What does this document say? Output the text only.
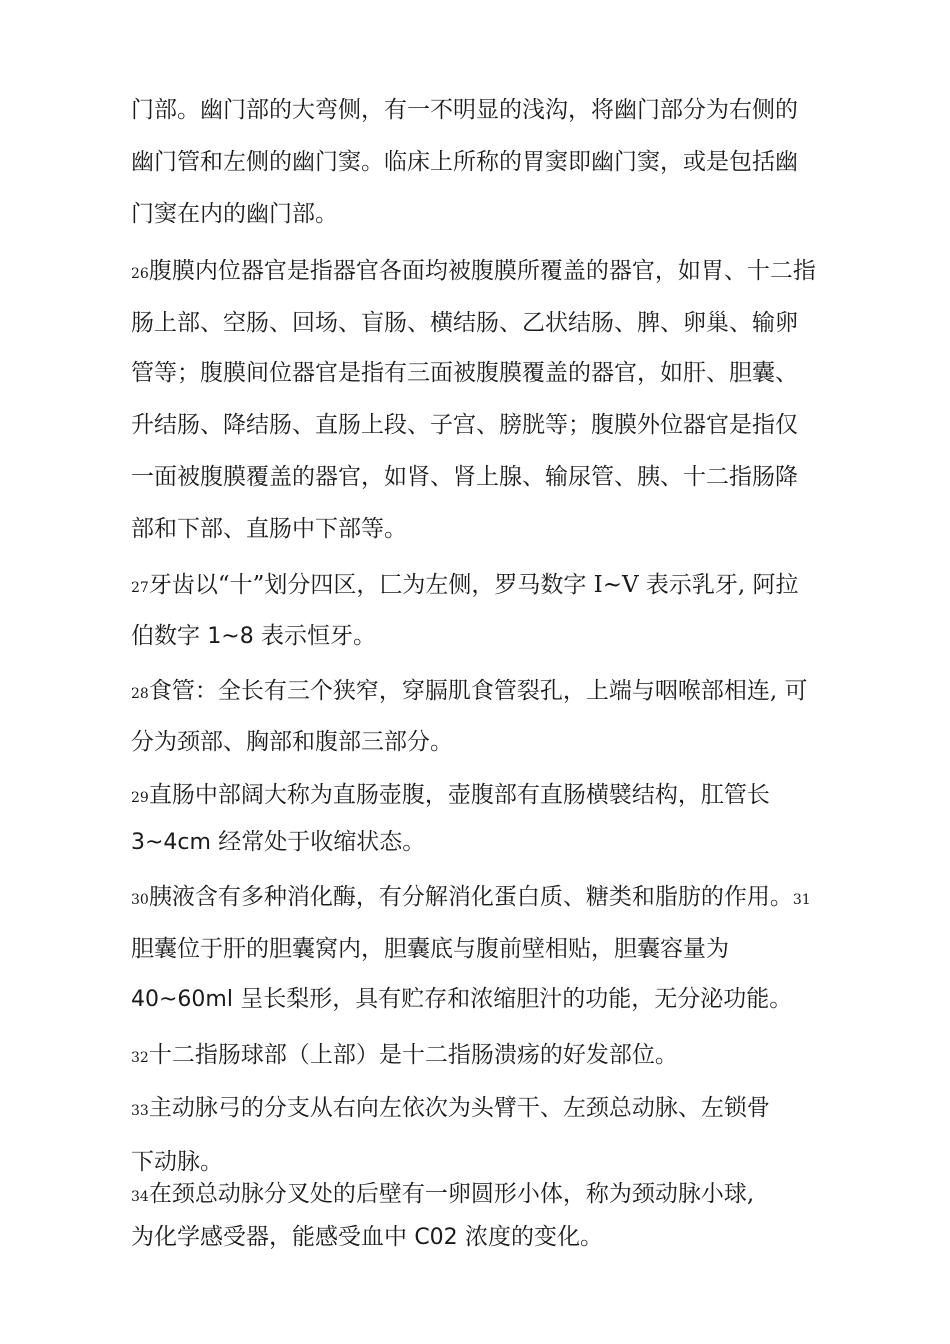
门部。幽门部的大弯侧，有一不明显的浅沟，将幽门部分为右侧的
幽门管和左侧的幽门窦。临床上所称的胃窦即幽门窦，或是包括幽
门窦在内的幽门部。
26腹膜内位器官是指器官各面均被腹膜所覆盖的器官，如胃、十二指
肠上部、空肠、回场、盲肠、横结肠、乙状结肠、脾、卵巢、输卵
管等；腹膜间位器官是指有三面被腹膜覆盖的器官，如肝、胆囊、
升结肠、降结肠、直肠上段、子宫、膀胱等；腹膜外位器官是指仅
一面被腹膜覆盖的器官，如肾、肾上腺、输尿管、胰、十二指肠降
部和下部、直肠中下部等。
27牙齿以“十”划分四区，匚为左侧，罗马数字 I~V 表示乳牙, 阿拉
伯数字 1~8 表示恒牙。
28食管：全长有三个狭窄，穿膈肌食管裂孔，上端与咽喉部相连, 可
分为颈部、胸部和腹部三部分。
29直肠中部阔大称为直肠壶腹，壶腹部有直肠横襞结构，肛管长
3~4cm 经常处于收缩状态。
30胰液含有多种消化酶，有分解消化蛋白质、糖类和脂肪的作用。31
胆囊位于肝的胆囊窝内，胆囊底与腹前壁相贴，胆囊容量为
40~60ml 呈长梨形，具有贮存和浓缩胆汁的功能，无分泌功能。
32十二指肠球部（上部）是十二指肠溃疡的好发部位。
33主动脉弓的分支从右向左依次为头臂干、左颈总动脉、左锁骨
下动脉。
34在颈总动脉分叉处的后壁有一卵圆形小体，称为颈动脉小球,
为化学感受器，能感受血中 C02 浓度的变化。
